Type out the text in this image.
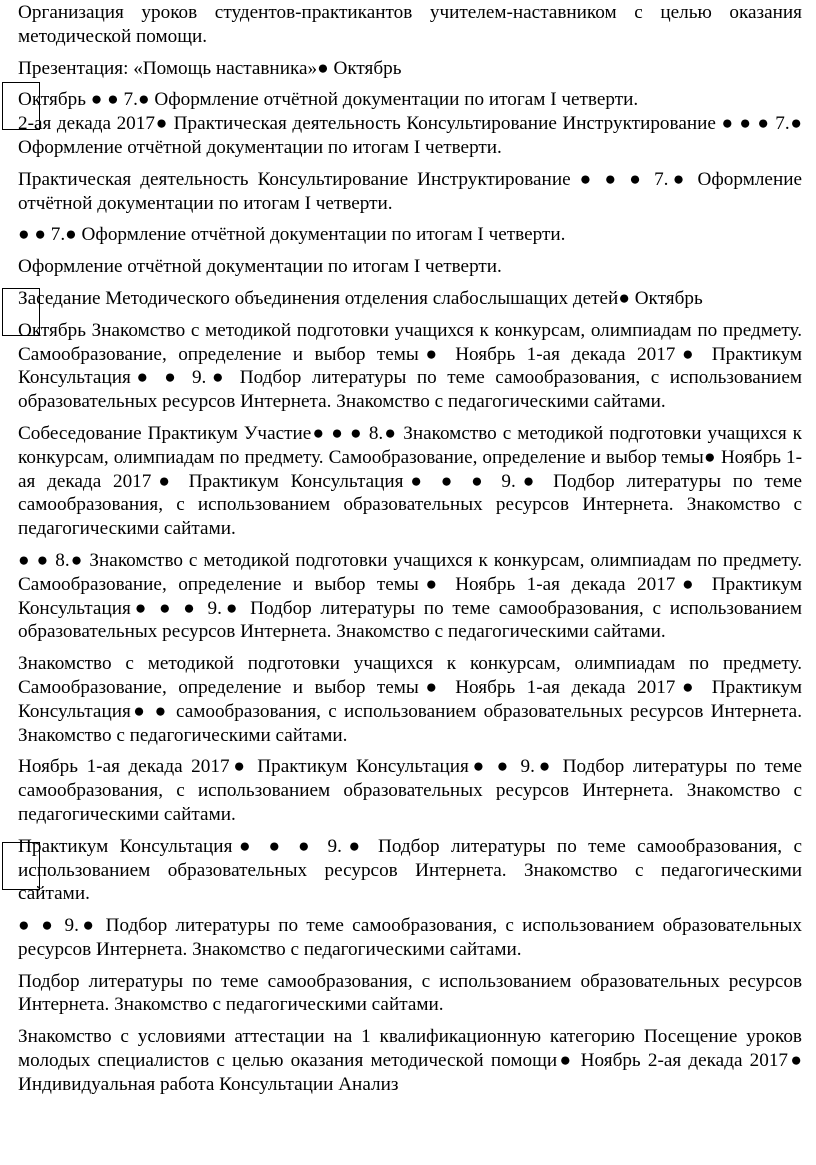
Организация уроков студентов-практикантов учителем-наставником с целью оказания методической помощи.

Презентация: «Помощь наставника»● Октябрь

Октябрь ● ● 7.● Оформление отчётной документации по итогам I четверти.

2-ая декада 2017● Практическая деятельность Консультирование Инструктирование ● ● ● 7.● Оформление отчётной документации по итогам I четверти.

Практическая деятельность Консультирование Инструктирование ● ● ● 7.● Оформление отчётной документации по итогам I четверти.

● ● 7.● Оформление отчётной документации по итогам I четверти.

Оформление отчётной документации по итогам I четверти.

Заседание Методического объединения отделения слабослышащих детей● Октябрь

Октябрь Знакомство с методикой подготовки учащихся к конкурсам, олимпиадам по предмету. Самообразование, определение и выбор темы● Ноябрь 1-ая декада 2017● Практикум Консультация● ● 9.● Подбор литературы по теме самообразования, с использованием образовательных ресурсов Интернета. Знакомство с педагогическими сайтами.

Собеседование Практикум Участие● ● ● 8.● Знакомство с методикой подготовки учащихся к конкурсам, олимпиадам по предмету. Самообразование, определение и выбор темы● Ноябрь 1-ая декада 2017● Практикум Консультация● ● ● 9.● Подбор литературы по теме самообразования, с использованием образовательных ресурсов Интернета. Знакомство с педагогическими сайтами.

● ● 8.● Знакомство с методикой подготовки учащихся к конкурсам, олимпиадам по предмету. Самообразование, определение и выбор темы● Ноябрь 1-ая декада 2017● Практикум Консультация● ● ● 9.● Подбор литературы по теме самообразования, с использованием образовательных ресурсов Интернета. Знакомство с педагогическими сайтами.

Знакомство с методикой подготовки учащихся к конкурсам, олимпиадам по предмету. Самообразование, определение и выбор темы● Ноябрь 1-ая декада 2017● Практикум Консультация● ● самообразования, с использованием образовательных ресурсов Интернета. Знакомство с педагогическими сайтами.

Ноябрь 1-ая декада 2017● Практикум Консультация● ● 9.● Подбор литературы по теме самообразования, с использованием образовательных ресурсов Интернета. Знакомство с педагогическими сайтами.

Практикум Консультация● ● ● 9.● Подбор литературы по теме самообразования, с использованием образовательных ресурсов Интернета. Знакомство с педагогическими сайтами.

● ● 9.● Подбор литературы по теме самообразования, с использованием образовательных ресурсов Интернета. Знакомство с педагогическими сайтами.

Подбор литературы по теме самообразования, с использованием образовательных ресурсов Интернета. Знакомство с педагогическими сайтами.

Знакомство с условиями аттестации на 1 квалификационную категорию Посещение уроков молодых специалистов с целью оказания методической помощи● Ноябрь 2-ая декада 2017● Индивидуальная работа Консультации Анализ
